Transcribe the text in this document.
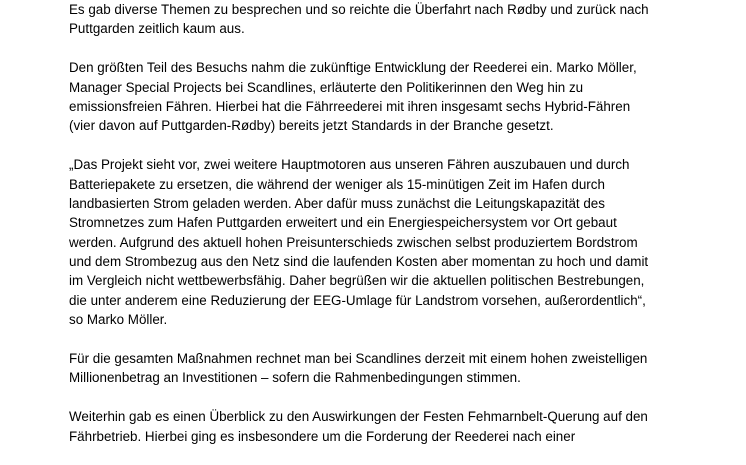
Es gab diverse Themen zu besprechen und so reichte die Überfahrt nach Rødby und zurück nach
Puttgarden zeitlich kaum aus.

Den größten Teil des Besuchs nahm die zukünftige Entwicklung der Reederei ein. Marko Möller,
Manager Special Projects bei Scandlines, erläuterte den Politikerinnen den Weg hin zu
emissionsfreien Fähren. Hierbei hat die Fährreederei mit ihren insgesamt sechs Hybrid-Fähren
(vier davon auf Puttgarden-Rødby) bereits jetzt Standards in der Branche gesetzt.

„Das Projekt sieht vor, zwei weitere Hauptmotoren aus unseren Fähren auszubauen und durch
Batteriepakete zu ersetzen, die während der weniger als 15-minütigen Zeit im Hafen durch
landbasierten Strom geladen werden. Aber dafür muss zunächst die Leitungskapazität des
Stromnetzes zum Hafen Puttgarden erweitert und ein Energiespeichersystem vor Ort gebaut
werden. Aufgrund des aktuell hohen Preisunterschieds zwischen selbst produziertem Bordstrom
und dem Strombezug aus den Netz sind die laufenden Kosten aber momentan zu hoch und damit
im Vergleich nicht wettbewerbsfähig. Daher begrüßen wir die aktuellen politischen Bestrebungen,
die unter anderem eine Reduzierung der EEG-Umlage für Landstrom vorsehen, außerordentlich“,
so Marko Möller.

Für die gesamten Maßnahmen rechnet man bei Scandlines derzeit mit einem hohen zweistelligen
Millionenbetrag an Investitionen – sofern die Rahmenbedingungen stimmen.

Weiterhin gab es einen Überblick zu den Auswirkungen der Festen Fehmarnbelt-Querung auf den
Fährbetrieb. Hierbei ging es insbesondere um die Forderung der Reederei nach einer
